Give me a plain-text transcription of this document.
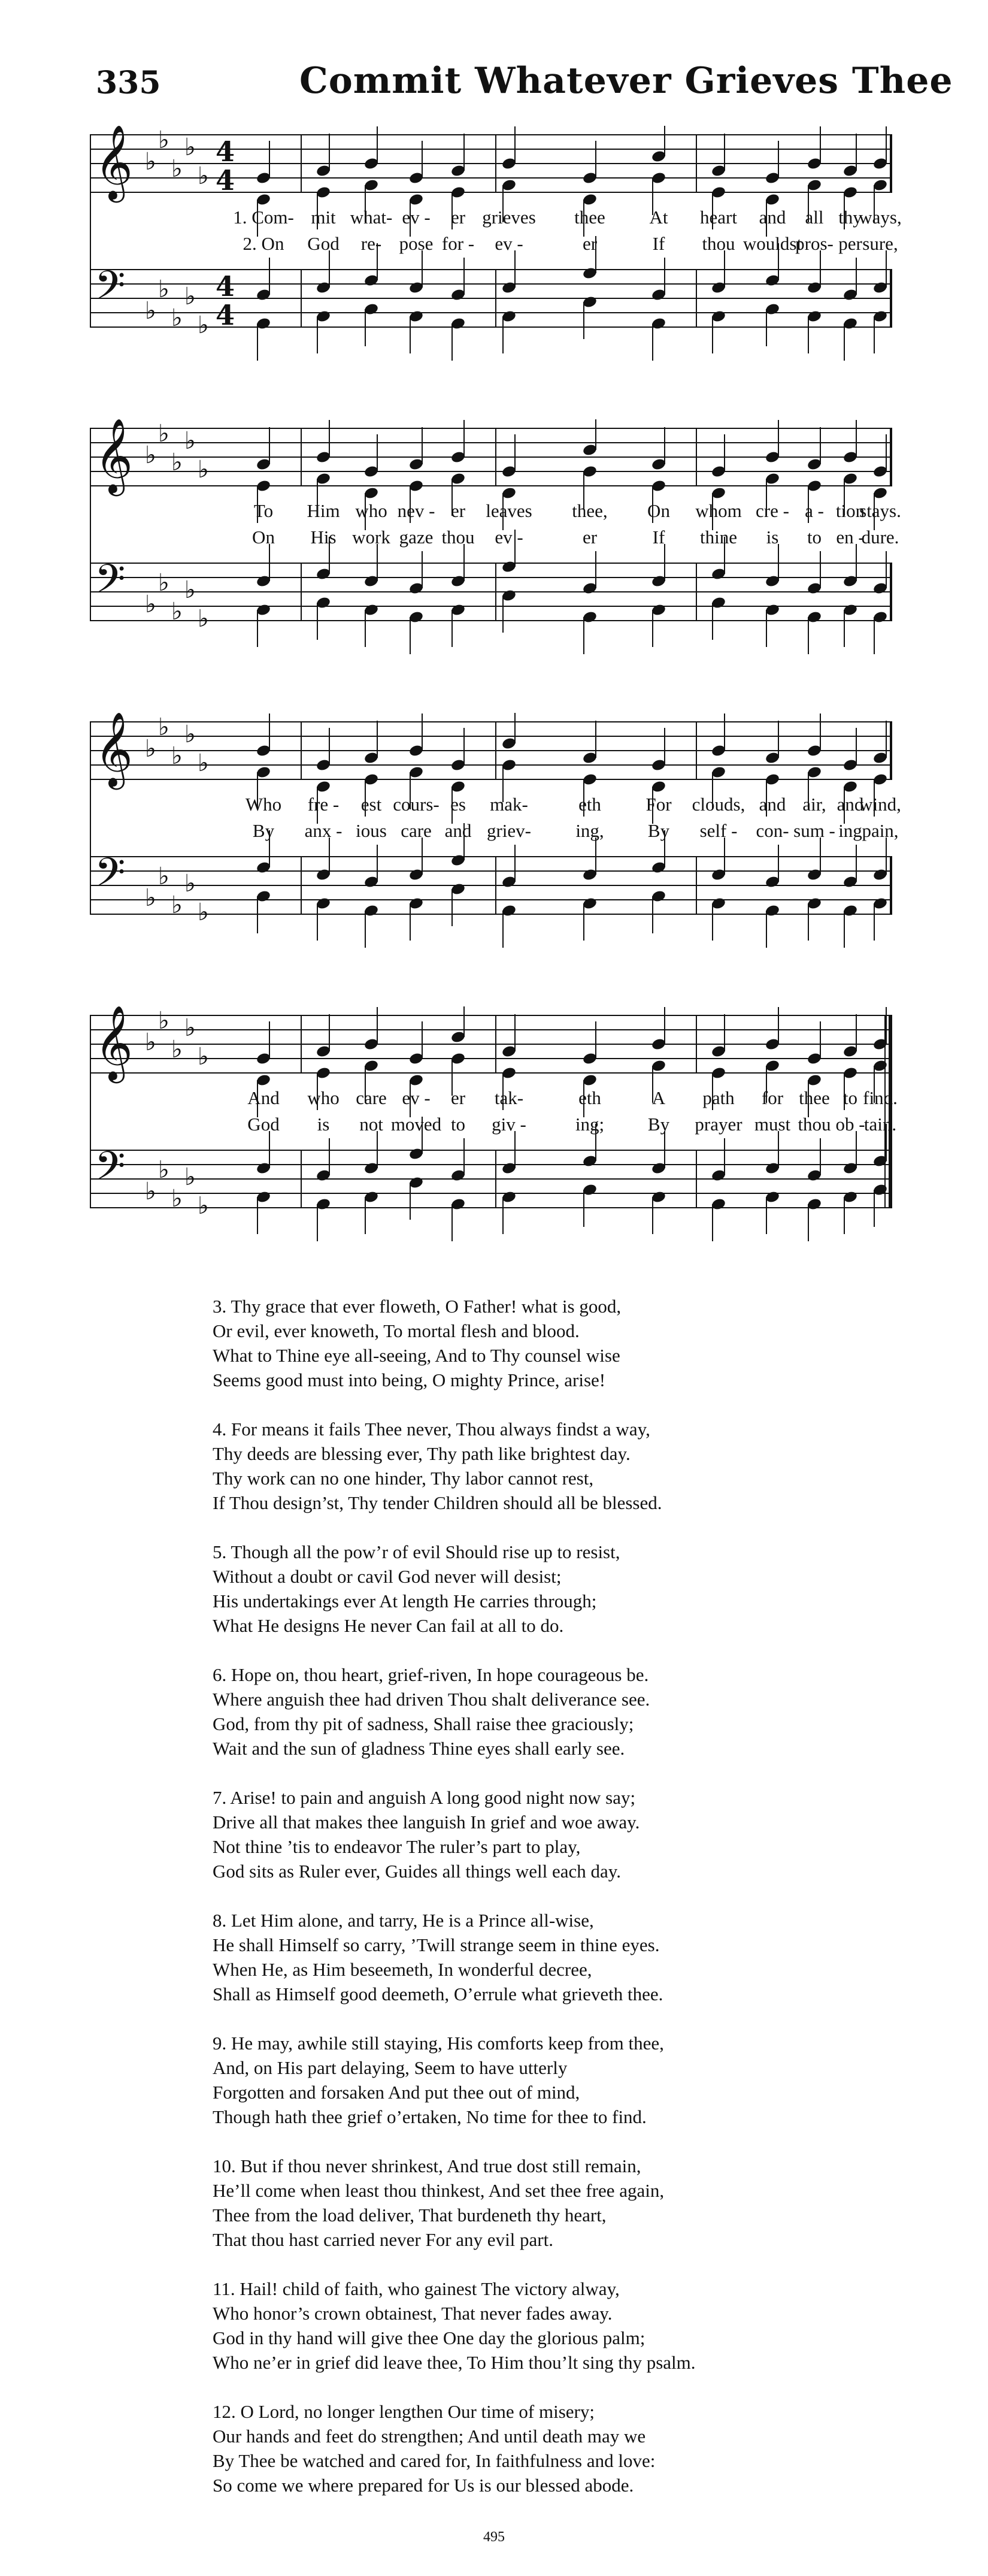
335	Commit Whatever Grieves Thee
𝄞 ♭
♭
♭
♭
♭
4
4
𝄢 ♭
♭
♭
♭
♭
4
4
1. Com- mit what- ev - er grieves thee At heart and all thy
ways,
2. On God re- pose for - ev -	er	If thou wouldst
pros- per sure,
𝄞 ♭
♭
♭
♭
♭
𝄢 ♭
♭
♭
♭
♭
To Him who nev - er leaves thee, On whom cre - a - tion
stays.
On His work gaze thou ev -	er	If thine is to en -
dure.
𝄞 ♭
♭
♭
♭
♭
𝄢 ♭
♭
♭
♭
♭
Who fre - est cours- es mak-	eth For clouds, and air, and
wind,
By anx - ious care and griev- ing, By self - con- sum - ing pain,
𝄞 ♭
♭
♭
♭
♭
𝄢 ♭
♭
♭
♭
♭
And who care ev - er tak-	eth	A path for thee to find.
God is not moved to giv -	ing; By prayer must thou ob -
tain.
3. Thy grace that ever floweth, O Father! what is good,
Or evil, ever knoweth, To mortal flesh and blood.
What to Thine eye all-seeing, And to Thy counsel wise
Seems good must into being, O mighty Prince, arise!
4. For means it fails Thee never, Thou always findst a way,
Thy deeds are blessing ever, Thy path like brightest day.
Thy work can no one hinder, Thy labor cannot rest,
If Thou design’st, Thy tender Children should all be blessed.
5. Though all the pow’r of evil Should rise up to resist,
Without a doubt or cavil God never will desist;
His undertakings ever At length He carries through;
What He designs He never Can fail at all to do.
6. Hope on, thou heart, grief-riven, In hope courageous be.
Where anguish thee had driven Thou shalt deliverance see.
God, from thy pit of sadness, Shall raise thee graciously;
Wait and the sun of gladness Thine eyes shall early see.
7. Arise! to pain and anguish A long good night now say;
Drive all that makes thee languish In grief and woe away.
Not thine ’tis to endeavor The ruler’s part to play,
God sits as Ruler ever, Guides all things well each day.
8. Let Him alone, and tarry, He is a Prince all-wise,
He shall Himself so carry, ’Twill strange seem in thine eyes.
When He, as Him beseemeth, In wonderful decree,
Shall as Himself good deemeth, O’errule what grieveth thee.
9. He may, awhile still staying, His comforts keep from thee,
And, on His part delaying, Seem to have utterly
Forgotten and forsaken And put thee out of mind,
Though hath thee grief o’ertaken, No time for thee to find.
10. But if thou never shrinkest, And true dost still remain,
He’ll come when least thou thinkest, And set thee free again,
Thee from the load deliver, That burdeneth thy heart,
That thou hast carried never For any evil part.
11. Hail! child of faith, who gainest The victory alway,
Who honor’s crown obtainest, That never fades away.
God in thy hand will give thee One day the glorious palm;
Who ne’er in grief did leave thee, To Him thou’lt sing thy psalm.
12. O Lord, no longer lengthen Our time of misery;
Our hands and feet do strengthen; And until death may we
By Thee be watched and cared for, In faithfulness and love:
So come we where prepared for Us is our blessed abode.
495
